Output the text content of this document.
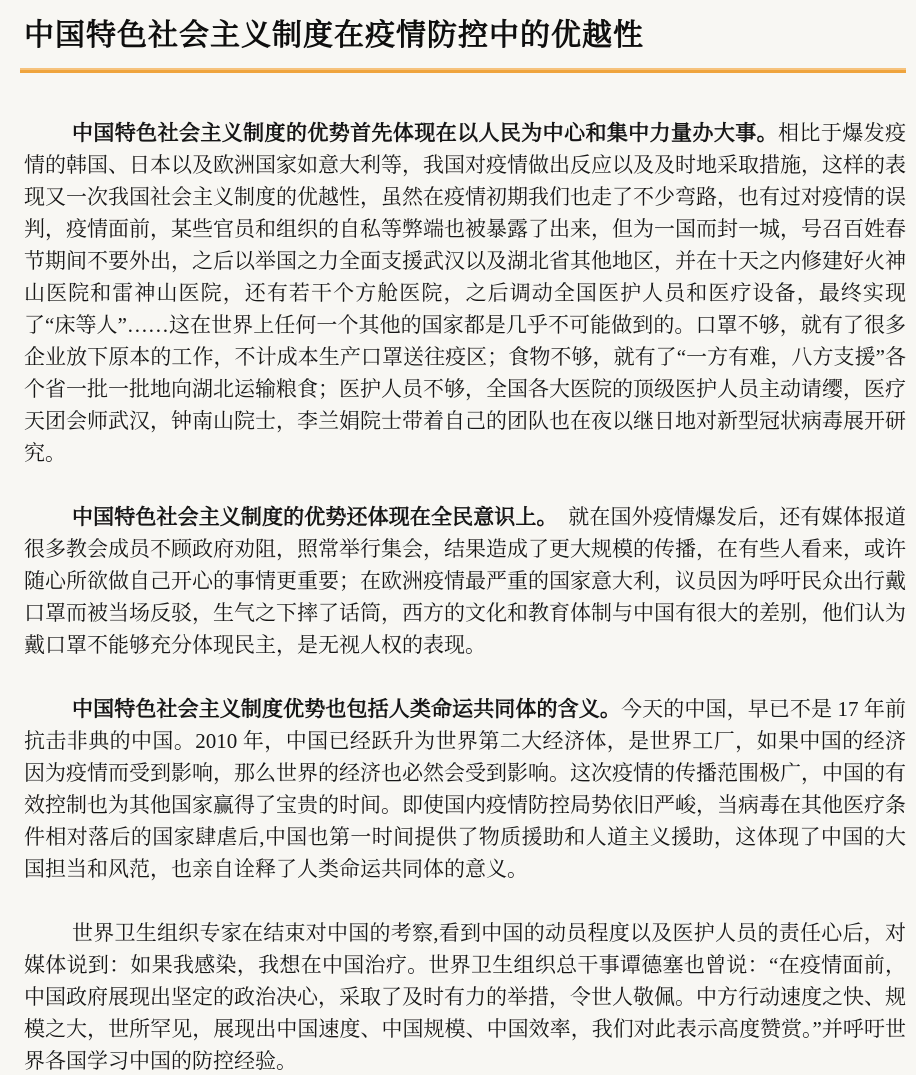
中国特色社会主义制度在疫情防控中的优越性

中国特色社会主义制度的优势首先体现在以人民为中心和集中力量办大事。相比于爆发疫情的韩国、日本以及欧洲国家如意大利等，我国对疫情做出反应以及及时地采取措施，这样的表现又一次我国社会主义制度的优越性，虽然在疫情初期我们也走了不少弯路，也有过对疫情的误判，疫情面前，某些官员和组织的自私等弊端也被暴露了出来，但为一国而封一城，号召百姓春节期间不要外出，之后以举国之力全面支援武汉以及湖北省其他地区，并在十天之内修建好火神山医院和雷神山医院，还有若干个方舱医院，之后调动全国医护人员和医疗设备，最终实现了“床等人”……这在世界上任何一个其他的国家都是几乎不可能做到的。口罩不够，就有了很多企业放下原本的工作，不计成本生产口罩送往疫区；食物不够，就有了“一方有难，八方支援”各个省一批一批地向湖北运输粮食；医护人员不够，全国各大医院的顶级医护人员主动请缨，医疗天团会师武汉，钟南山院士，李兰娟院士带着自己的团队也在夜以继日地对新型冠状病毒展开研究。

中国特色社会主义制度的优势还体现在全民意识上。　就在国外疫情爆发后，还有媒体报道很多教会成员不顾政府劝阻，照常举行集会，结果造成了更大规模的传播，在有些人看来，或许随心所欲做自己开心的事情更重要；在欧洲疫情最严重的国家意大利，议员因为呼吁民众出行戴口罩而被当场反驳，生气之下摔了话筒，西方的文化和教育体制与中国有很大的差别，他们认为戴口罩不能够充分体现民主，是无视人权的表现。

中国特色社会主义制度优势也包括人类命运共同体的含义。今天的中国，早已不是 17 年前抗击非典的中国。2010 年，中国已经跃升为世界第二大经济体，是世界工厂，如果中国的经济因为疫情而受到影响，那么世界的经济也必然会受到影响。这次疫情的传播范围极广，中国的有效控制也为其他国家赢得了宝贵的时间。即使国内疫情防控局势依旧严峻，当病毒在其他医疗条件相对落后的国家肆虐后,中国也第一时间提供了物质援助和人道主义援助，这体现了中国的大国担当和风范，也亲自诠释了人类命运共同体的意义。

世界卫生组织专家在结束对中国的考察,看到中国的动员程度以及医护人员的责任心后，对媒体说到：如果我感染，我想在中国治疗。世界卫生组织总干事谭德塞也曾说：“在疫情面前，中国政府展现出坚定的政治决心，采取了及时有力的举措，令世人敬佩。中方行动速度之快、规模之大，世所罕见，展现出中国速度、中国规模、中国效率，我们对此表示高度赞赏。”并呼吁世界各国学习中国的防控经验。
